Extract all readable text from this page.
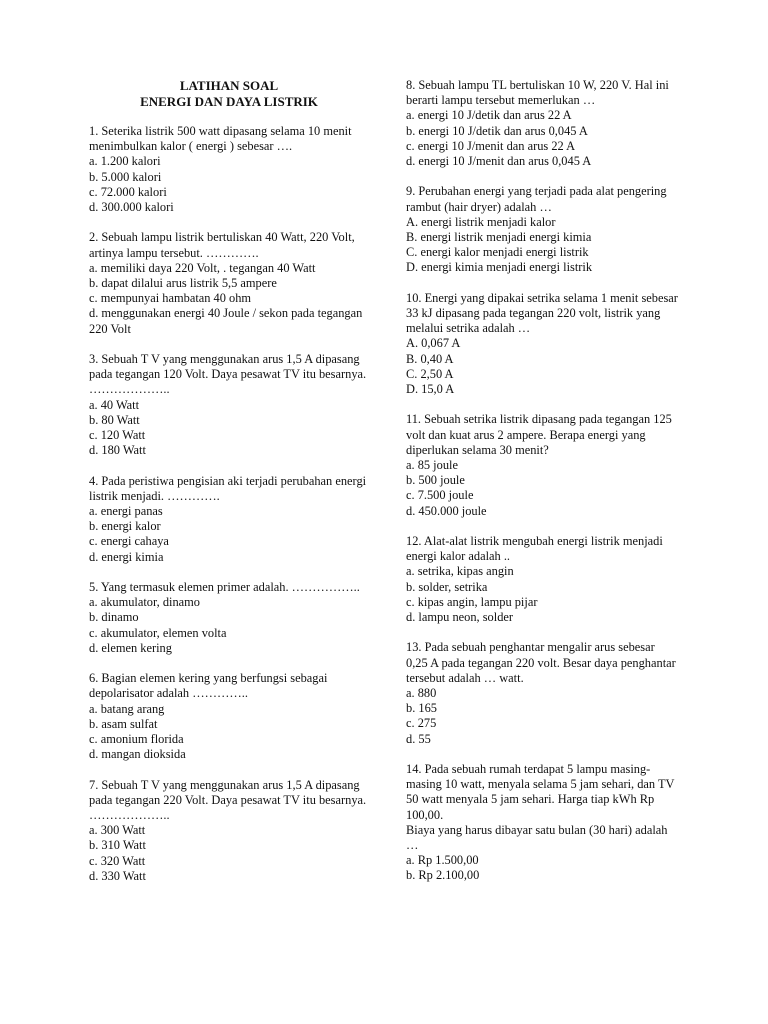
LATIHAN SOAL
ENERGI DAN DAYA LISTRIK
1. Seterika listrik 500 watt dipasang selama 10 menit menimbulkan kalor ( energi ) sebesar ….
a. 1.200 kalori
b. 5.000 kalori
c. 72.000 kalori
d. 300.000 kalori
2. Sebuah lampu listrik bertuliskan 40 Watt, 220 Volt, artinya lampu tersebut. ………….
a. memiliki daya 220 Volt, . tegangan 40 Watt
b. dapat dilalui arus listrik 5,5 ampere
c. mempunyai hambatan 40 ohm
d. menggunakan energi 40 Joule / sekon pada tegangan 220 Volt
3. Sebuah T V yang menggunakan arus 1,5 A dipasang pada tegangan 120 Volt. Daya pesawat TV itu besarnya. ………………..
a. 40 Watt
b. 80 Watt
c. 120 Watt
d. 180 Watt
4. Pada peristiwa pengisian aki terjadi perubahan energi listrik menjadi. ………….
a. energi panas
b. energi kalor
c. energi cahaya
d. energi kimia
5. Yang termasuk elemen primer adalah. ……………..
a. akumulator, dinamo
b. dinamo
c. akumulator, elemen volta
d. elemen kering
6. Bagian elemen kering yang berfungsi sebagai depolarisator adalah …………..
a. batang arang
b. asam sulfat
c. amonium florida
d. mangan dioksida
7. Sebuah T V yang menggunakan arus 1,5 A dipasang pada tegangan 220 Volt. Daya pesawat TV itu besarnya. ………………..
a. 300 Watt
b. 310 Watt
c. 320 Watt
d. 330 Watt
8. Sebuah lampu TL bertuliskan 10 W, 220 V. Hal ini berarti lampu tersebut memerlukan …
a. energi 10 J/detik dan arus 22 A
b. energi 10 J/detik dan arus 0,045 A
c. energi 10 J/menit dan arus 22 A
d. energi 10 J/menit dan arus 0,045 A
9. Perubahan energi yang terjadi pada alat pengering rambut (hair dryer) adalah …
A. energi listrik menjadi kalor
B. energi listrik menjadi energi kimia
C. energi kalor menjadi energi listrik
D. energi kimia menjadi energi listrik
10. Energi yang dipakai setrika selama 1 menit sebesar
33 kJ dipasang pada tegangan 220 volt, listrik yang melalui setrika adalah …
A. 0,067 A
B. 0,40 A
C. 2,50 A
D. 15,0 A
11. Sebuah setrika listrik dipasang pada tegangan 125 volt dan kuat arus 2 ampere. Berapa energi yang diperlukan selama 30 menit?
a. 85 joule
b. 500 joule
c. 7.500 joule
d. 450.000 joule
12. Alat-alat listrik mengubah energi listrik menjadi energi kalor adalah ..
a. setrika, kipas angin
b. solder, setrika
c. kipas angin, lampu pijar
d. lampu neon, solder
13. Pada sebuah penghantar mengalir arus sebesar 0,25 A pada tegangan 220 volt. Besar daya penghantar tersebut adalah … watt.
a. 880
b. 165
c. 275
d. 55
14. Pada sebuah rumah terdapat 5 lampu masing- masing 10 watt, menyala selama 5 jam sehari, dan TV 50 watt menyala 5 jam sehari. Harga tiap kWh Rp 100,00.
Biaya yang harus dibayar satu bulan (30 hari) adalah …
a. Rp 1.500,00
b. Rp 2.100,00
